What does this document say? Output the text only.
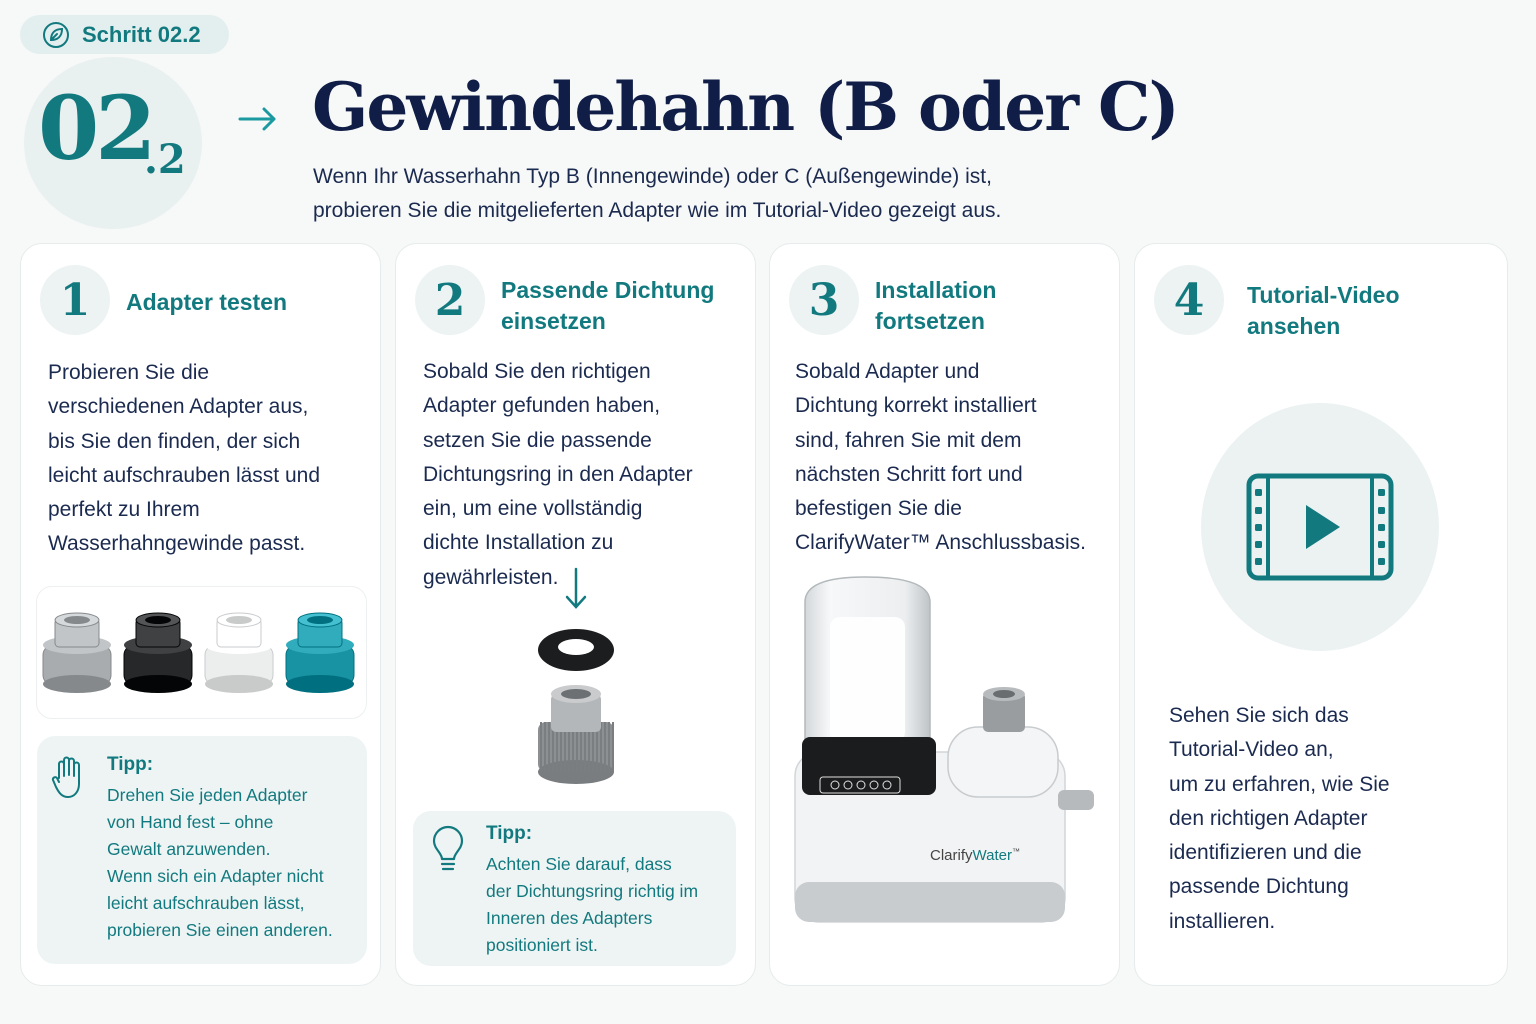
Schritt 02.2
02
.2
Gewindehahn (B oder C)
Wenn Ihr Wasserhahn Typ B (Innengewinde) oder C (Außengewinde) ist,
probieren Sie die mitgelieferten Adapter wie im Tutorial-Video gezeigt aus.
1	Adapter testen
Probieren Sie die
verschiedenen Adapter aus,
bis Sie den finden, der sich
leicht aufschrauben lässt und
perfekt zu Ihrem
Wasserhahngewinde passt.
Tipp:
Drehen Sie jeden Adapter
von Hand fest – ohne
Gewalt anzuwenden.
Wenn sich ein Adapter nicht
leicht aufschrauben lässt,
probieren Sie einen anderen.
2	Passende Dichtung
einsetzen
Sobald Sie den richtigen
Adapter gefunden haben,
setzen Sie die passende
Dichtungsring in den Adapter
ein, um eine vollständig
dichte Installation zu
gewährleisten.
Tipp:
Achten Sie darauf, dass
der Dichtungsring richtig im
Inneren des Adapters
positioniert ist.
3	Installation
fortsetzen
Sobald Adapter und
Dichtung korrekt installiert
sind, fahren Sie mit dem
nächsten Schritt fort und
befestigen Sie die
ClarifyWater™ Anschlussbasis.
ClarifyWater™
4	Tutorial-Video
ansehen
Sehen Sie sich das
Tutorial-Video an,
um zu erfahren, wie Sie
den richtigen Adapter
identifizieren und die
passende Dichtung
installieren.
